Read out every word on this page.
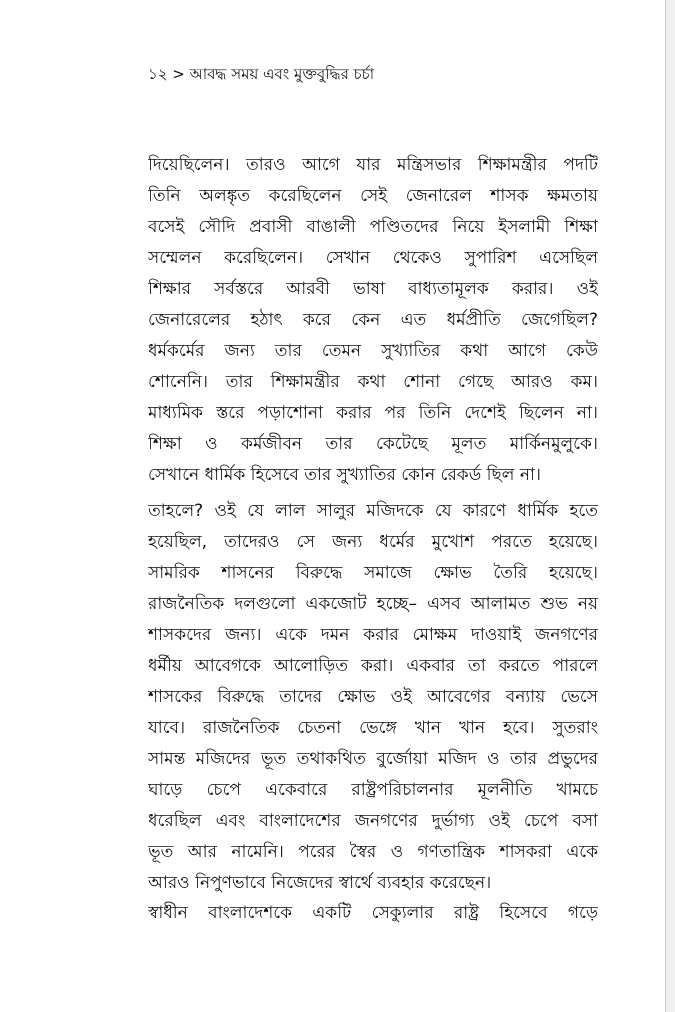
১২ > আবদ্ধ সময় এবং মুক্তবুদ্ধির চর্চা
দিয়েছিলেন। তারও আগে যার মন্ত্রিসভার শিক্ষামন্ত্রীর পদটি
তিনি অলঙ্কৃত করেছিলেন সেই জেনারেল শাসক ক্ষমতায়
বসেই সৌদি প্রবাসী বাঙালী পণ্ডিতদের নিয়ে ইসলামী শিক্ষা
সম্মেলন করেছিলেন। সেখান থেকেও সুপারিশ এসেছিল
শিক্ষার সর্বস্তরে আরবী ভাষা বাধ্যতামূলক করার। ওই
জেনারেলের হঠাৎ করে কেন এত ধর্মপ্রীতি জেগেছিল?
ধর্মকর্মের জন্য তার তেমন সুখ্যাতির কথা আগে কেউ
শোনেনি। তার শিক্ষামন্ত্রীর কথা শোনা গেছে আরও কম।
মাধ্যমিক স্তরে পড়াশোনা করার পর তিনি দেশেই ছিলেন না।
শিক্ষা ও কর্মজীবন তার কেটেছে মূলত মার্কিনমুলুকে।
সেখানে ধার্মিক হিসেবে তার সুখ্যাতির কোন রেকর্ড ছিল না।
তাহলে? ওই যে লাল সালুর মজিদকে যে কারণে ধার্মিক হতে
হয়েছিল, তাদেরও সে জন্য ধর্মের মুখোশ পরতে হয়েছে।
সামরিক শাসনের বিরুদ্ধে সমাজে ক্ষোভ তৈরি হয়েছে।
রাজনৈতিক দলগুলো একজোট হচ্ছে– এসব আলামত শুভ নয়
শাসকদের জন্য। একে দমন করার মোক্ষম দাওয়াই জনগণের
ধর্মীয় আবেগকে আলোড়িত করা। একবার তা করতে পারলে
শাসকের বিরুদ্ধে তাদের ক্ষোভ ওই আবেগের বন্যায় ভেসে
যাবে। রাজনৈতিক চেতনা ভেঙ্গে খান খান হবে। সুতরাং
সামন্ত মজিদের ভূত তথাকথিত বুর্জোয়া মজিদ ও তার প্রভুদের
ঘাড়ে চেপে একেবারে রাষ্ট্রপরিচালনার মূলনীতি খামচে
ধরেছিল এবং বাংলাদেশের জনগণের দুর্ভাগ্য ওই চেপে বসা
ভূত আর নামেনি। পরের স্বৈর ও গণতান্ত্রিক শাসকরা একে
আরও নিপুণভাবে নিজেদের স্বার্থে ব্যবহার করেছেন।
স্বাধীন বাংলাদেশকে একটি সেক্যুলার রাষ্ট্র হিসেবে গড়ে
